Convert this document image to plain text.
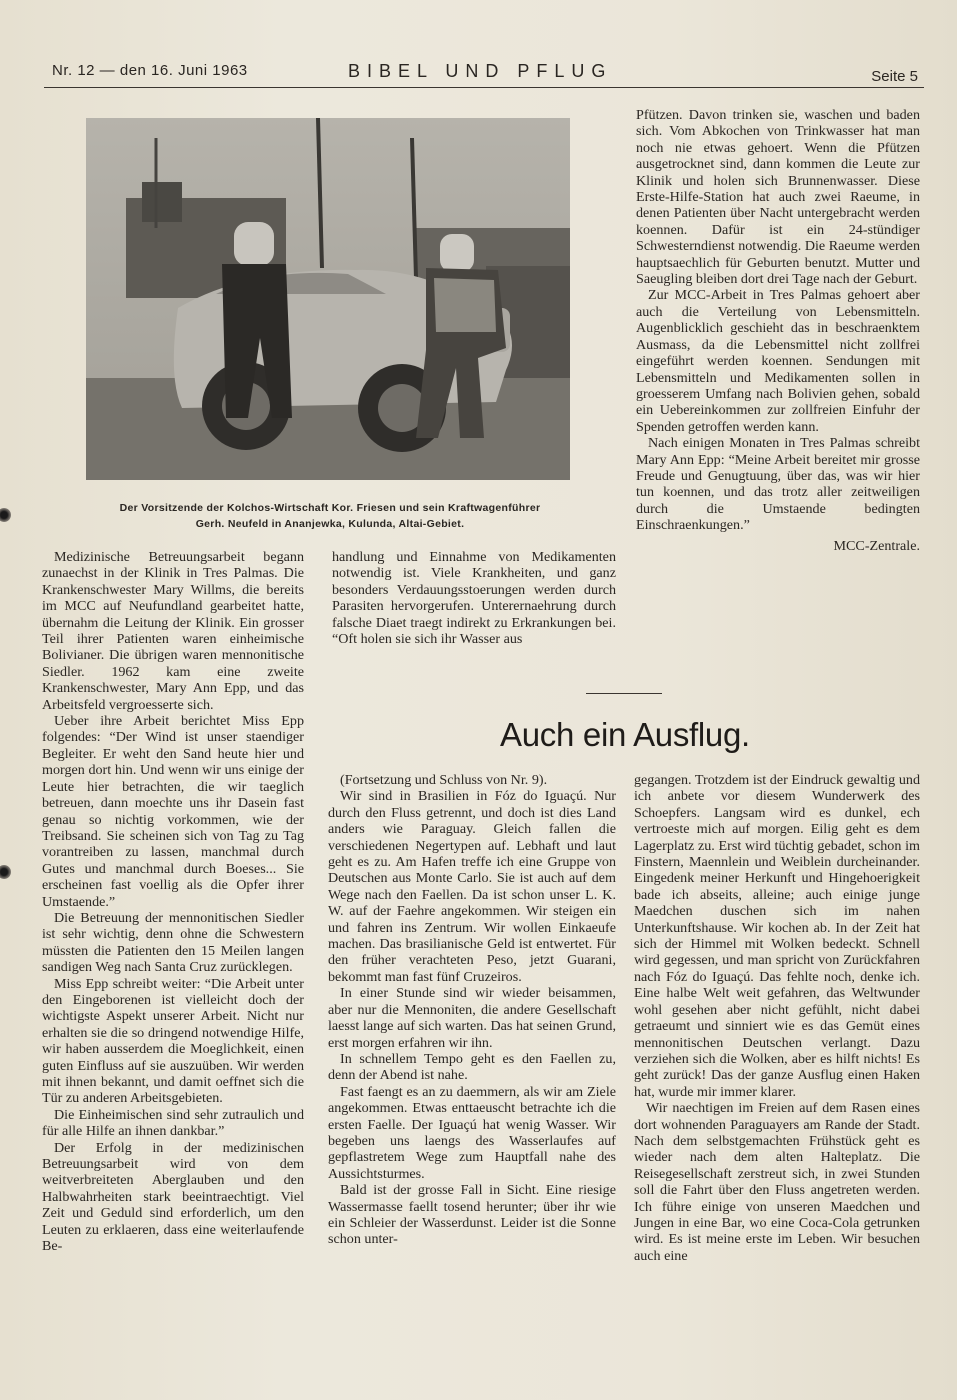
Nr. 12 — den 16. Juni 1963	BIBEL UND PFLUG	Seite 5
Der Vorsitzende der Kolchos-Wirtschaft Kor. Friesen und sein Kraftwagenführer
Gerh. Neufeld in Ananjewka, Kulunda, Altai-Gebiet.

Pfützen. Davon trinken sie, waschen und baden sich. Vom Abkochen von Trinkwasser hat man noch nie etwas gehoert. Wenn die Pfützen ausgetrocknet sind, dann kommen die Leute zur Klinik und holen sich Brunnenwasser. Diese Erste-Hilfe-Station hat auch zwei Raeume, in denen Patienten über Nacht untergebracht werden koennen. Dafür ist ein 24-stündiger Schwesterndienst notwendig. Die Raeume werden hauptsaechlich für Geburten benutzt. Mutter und Saeugling bleiben dort drei Tage nach der Geburt.

Zur MCC-Arbeit in Tres Palmas gehoert aber auch die Verteilung von Lebensmitteln. Augenblicklich geschieht das in beschraenktem Ausmass, da die Lebensmittel nicht zollfrei eingeführt werden koennen. Sendungen mit Lebensmitteln und Medikamenten sollen in groesserem Umfang nach Bolivien gehen, sobald ein Uebereinkommen zur zollfreien Einfuhr der Spenden getroffen werden kann.

Nach einigen Monaten in Tres Palmas schreibt Mary Ann Epp: “Meine Arbeit bereitet mir grosse Freude und Genugtuung, über das, was wir hier tun koennen, und das trotz aller zeitweiligen durch die Umstaende bedingten Einschraenkungen.”

MCC-Zentrale.

Medizinische Betreuungsarbeit begann zunaechst in der Klinik in Tres Palmas. Die Krankenschwester Mary Willms, die bereits im MCC auf Neufundland gearbeitet hatte, übernahm die Leitung der Klinik. Ein grosser Teil ihrer Patienten waren einheimische Bolivianer. Die übrigen waren mennonitische Siedler. 1962 kam eine zweite Krankenschwester, Mary Ann Epp, und das Arbeitsfeld vergroesserte sich.

Ueber ihre Arbeit berichtet Miss Epp folgendes: “Der Wind ist unser staendiger Begleiter. Er weht den Sand heute hier und morgen dort hin. Und wenn wir uns einige der Leute hier betrachten, die wir taeglich betreuen, dann moechte uns ihr Dasein fast genau so nichtig vorkommen, wie der Treibsand. Sie scheinen sich von Tag zu Tag vorantreiben zu lassen, manchmal durch Gutes und manchmal durch Boeses... Sie erscheinen fast voellig als die Opfer ihrer Umstaende.”

Die Betreuung der mennonitischen Siedler ist sehr wichtig, denn ohne die Schwestern müssten die Patienten den 15 Meilen langen sandigen Weg nach Santa Cruz zurücklegen.

Miss Epp schreibt weiter: “Die Arbeit unter den Eingeborenen ist vielleicht doch der wichtigste Aspekt unserer Arbeit. Nicht nur erhalten sie die so dringend notwendige Hilfe, wir haben ausserdem die Moeglichkeit, einen guten Einfluss auf sie auszuüben. Wir werden mit ihnen bekannt, und damit oeffnet sich die Tür zu anderen Arbeitsgebieten.

Die Einheimischen sind sehr zutraulich und für alle Hilfe an ihnen dankbar.”

Der Erfolg in der medizinischen Betreuungsarbeit wird von dem weitverbreiteten Aberglauben und den Halbwahrheiten stark beeintraechtigt. Viel Zeit und Geduld sind erforderlich, um den Leuten zu erklaeren, dass eine weiterlaufende Be-

handlung und Einnahme von Medikamenten notwendig ist. Viele Krankheiten, und ganz besonders Verdauungsstoerungen werden durch Parasiten hervorgerufen. Unterernaehrung durch falsche Diaet traegt indirekt zu Erkrankungen bei. “Oft holen sie sich ihr Wasser aus

Auch ein Ausflug.

(Fortsetzung und Schluss von Nr. 9).

Wir sind in Brasilien in Fóz do Iguaçú. Nur durch den Fluss getrennt, und doch ist dies Land anders wie Paraguay. Gleich fallen die verschiedenen Negertypen auf. Lebhaft und laut geht es zu. Am Hafen treffe ich eine Gruppe von Deutschen aus Monte Carlo. Sie ist auch auf dem Wege nach den Faellen. Da ist schon unser L. K. W. auf der Faehre angekommen. Wir steigen ein und fahren ins Zentrum. Wir wollen Einkaeufe machen. Das brasilianische Geld ist entwertet. Für den früher verachteten Peso, jetzt Guarani, bekommt man fast fünf Cruzeiros.

In einer Stunde sind wir wieder beisammen, aber nur die Mennoniten, die andere Gesellschaft laesst lange auf sich warten. Das hat seinen Grund, erst morgen erfahren wir ihn.

In schnellem Tempo geht es den Faellen zu, denn der Abend ist nahe.

Fast faengt es an zu daemmern, als wir am Ziele angekommen. Etwas enttaeuscht betrachte ich die ersten Faelle. Der Iguaçú hat wenig Wasser. Wir begeben uns laengs des Wasserlaufes auf gepflastretem Wege zum Hauptfall nahe des Aussichtsturmes.

Bald ist der grosse Fall in Sicht. Eine riesige Wassermasse faellt tosend herunter; über ihr wie ein Schleier der Wasserdunst. Leider ist die Sonne schon unter-

gegangen. Trotzdem ist der Eindruck gewaltig und ich anbete vor diesem Wunderwerk des Schoepfers. Langsam wird es dunkel, ech vertroeste mich auf morgen. Eilig geht es dem Lagerplatz zu. Erst wird tüchtig gebadet, schon im Finstern, Maennlein und Weiblein durcheinander. Eingedenk meiner Herkunft und Hingehoerigkeit bade ich abseits, alleine; auch einige junge Maedchen duschen sich im nahen Unterkunftshause. Wir kochen ab. In der Zeit hat sich der Himmel mit Wolken bedeckt. Schnell wird gegessen, und man spricht von Zurückfahren nach Fóz do Iguaçú. Das fehlte noch, denke ich. Eine halbe Welt weit gefahren, das Weltwunder wohl gesehen aber nicht gefühlt, nicht dabei getraeumt und sinniert wie es das Gemüt eines mennonitischen Deutschen verlangt. Dazu verziehen sich die Wolken, aber es hilft nichts! Es geht zurück! Das der ganze Ausflug einen Haken hat, wurde mir immer klarer.

Wir naechtigen im Freien auf dem Rasen eines dort wohnenden Paraguayers am Rande der Stadt. Nach dem selbstgemachten Frühstück geht es wieder nach dem alten Halteplatz. Die Reisegesellschaft zerstreut sich, in zwei Stunden soll die Fahrt über den Fluss angetreten werden. Ich führe einige von unseren Maedchen und Jungen in eine Bar, wo eine Coca-Cola getrunken wird. Es ist meine erste im Leben. Wir besuchen auch eine
